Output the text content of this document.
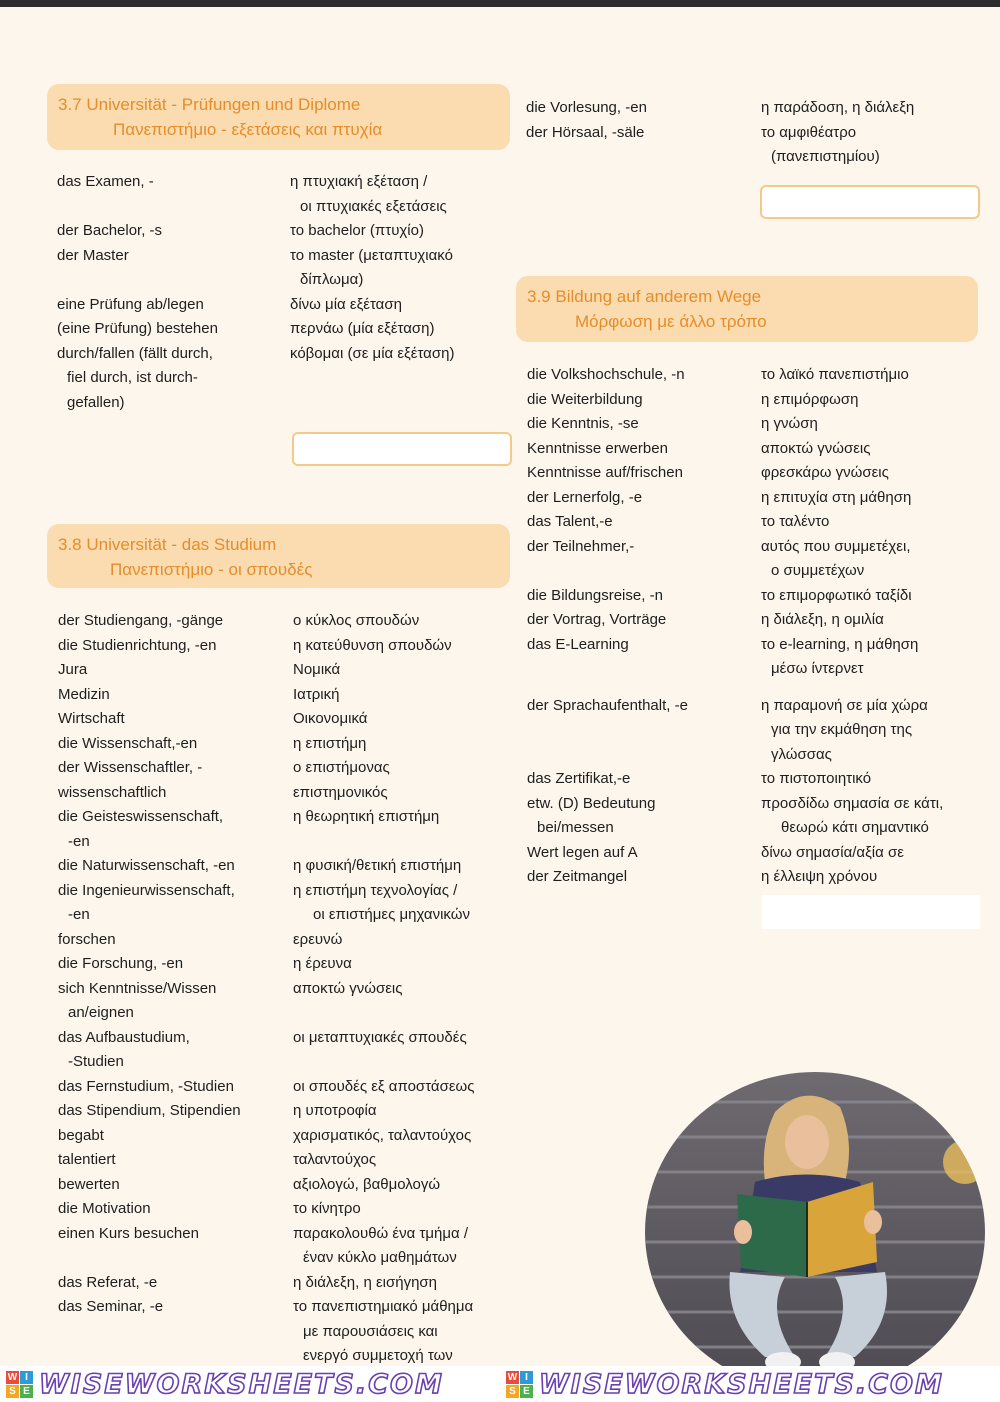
3.7 Universität - Prüfungen und Diplome
Πανεπιστήμιο - εξετάσεις και πτυχία
das Examen, -	η πτυχιακή εξέταση /
οι πτυχιακές εξετάσεις
der Bachelor, -s	το bachelor (πτυχίο)
der Master	το master (μεταπτυχιακό
δίπλωμα)
eine Prüfung ab/legen	δίνω μία εξέταση
(eine Prüfung) bestehen	περνάω (μία εξέταση)
durch/fallen (fällt durch,	κόβομαι (σε μία εξέταση)
fiel durch, ist durch-
gefallen)
3.8 Universität - das Studium
Πανεπιστήμιο - οι σπουδές
der Studiengang, -gänge	ο κύκλος σπουδών
die Studienrichtung, -en	η κατεύθυνση σπουδών
Jura	Νομικά
Medizin	Ιατρική
Wirtschaft	Οικονομικά
die Wissenschaft,-en	η επιστήμη
der Wissenschaftler, -	ο επιστήμονας
wissenschaftlich	επιστημονικός
die Geisteswissenschaft,	η θεωρητική επιστήμη
-en
die Naturwissenschaft, -en	η φυσική/θετική επιστήμη
die Ingenieurwissenschaft,	η επιστήμη τεχνολογίας /
-en	οι επιστήμες μηχανικών
forschen	ερευνώ
die Forschung, -en	η έρευνα
sich Kenntnisse/Wissen	αποκτώ γνώσεις
an/eignen
das Aufbaustudium,	οι μεταπτυχιακές σπουδές
-Studien
das Fernstudium, -Studien	οι σπουδές εξ αποστάσεως
das Stipendium, Stipendien	η υποτροφία
begabt	χαρισματικός, ταλαντούχος
talentiert	ταλαντούχος
bewerten	αξιολογώ, βαθμολογώ
die Motivation	το κίνητρο
einen Kurs besuchen	παρακολουθώ ένα τμήμα /
έναν κύκλο μαθημάτων
das Referat, -e	η διάλεξη, η εισήγηση
das Seminar, -e	το πανεπιστημιακό μάθημα
με παρουσιάσεις και
ενεργό συμμετοχή των
die Vorlesung, -en	η παράδοση, η διάλεξη
der Hörsaal, -säle	το αμφιθέατρο
(πανεπιστημίου)
3.9 Bildung auf anderem Wege
Μόρφωση με άλλο τρόπο
die Volkshochschule, -n	το λαϊκό πανεπιστήμιο
die Weiterbildung	η επιμόρφωση
die Kenntnis, -se	η γνώση
Kenntnisse erwerben	αποκτώ γνώσεις
Kenntnisse auf/frischen	φρεσκάρω γνώσεις
der Lernerfolg, -e	η επιτυχία στη μάθηση
das Talent,-e	το ταλέντο
der Teilnehmer,-	αυτός που συμμετέχει,
ο συμμετέχων
die Bildungsreise, -n	το επιμορφωτικό ταξίδι
der Vortrag, Vorträge	η διάλεξη, η ομιλία
das E-Learning	το e-learning, η μάθηση
μέσω ίντερνετ
der Sprachaufenthalt, -e	η παραμονή σε μία χώρα
για την εκμάθηση της
γλώσσας
das Zertifikat,-e	το πιστοποιητικό
etw. (D) Bedeutung	προσδίδω σημασία σε κάτι,
bei/messen	θεωρώ κάτι σημαντικό
Wert legen auf A	δίνω σημασία/αξία σε
der Zeitmangel	η έλλειψη χρόνου
W I
S E WISEWORKSHEETS.COM	W I
S E WISEWORKSHEETS.COM
